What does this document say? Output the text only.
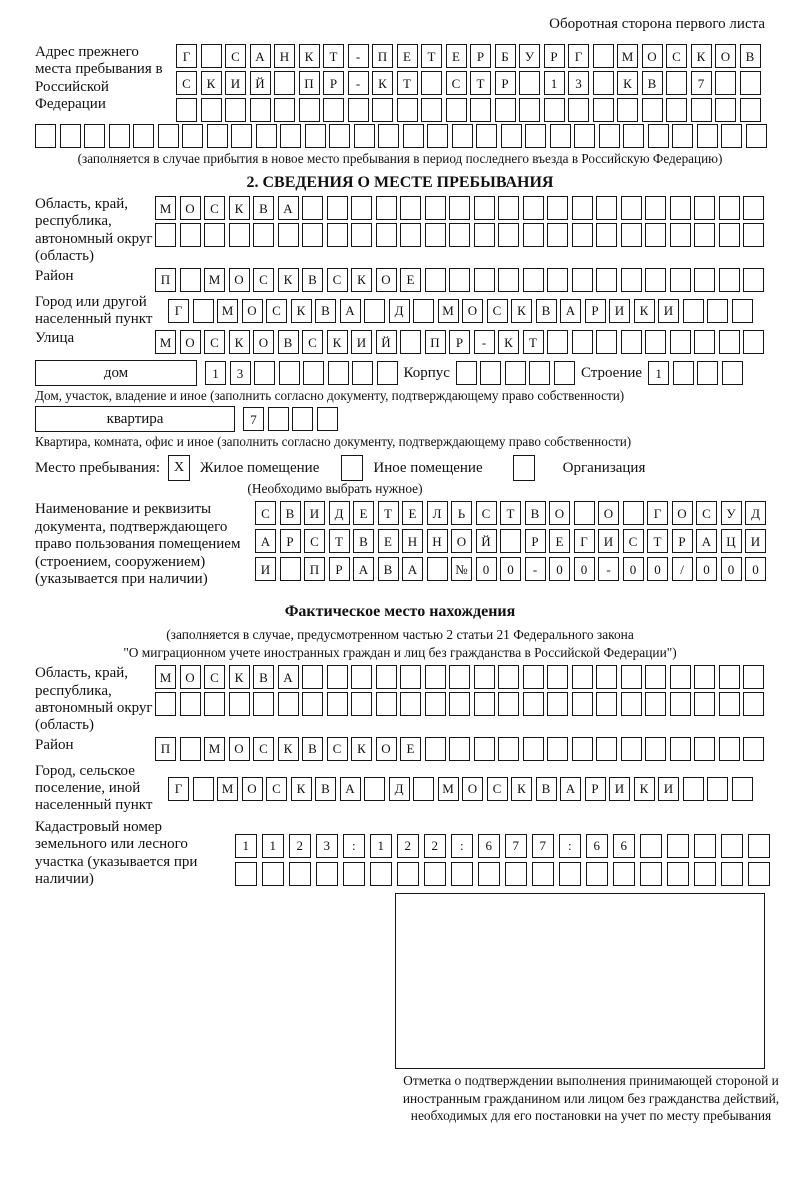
Оборотная сторона первого листа
Адрес прежнего места пребывания в Российской Федерации
Г	С	А	Н	К	Т	-	П	Е	Т	Е	Р	Б	У	Р	Г	М	О	С	К	О	В
С	К	И	Й	П	Р	-	К	Т	С	Т	Р	1	3	К	В	7
(заполняется в случае прибытия в новое место пребывания в период последнего въезда в Российскую Федерацию)
2. СВЕДЕНИЯ О МЕСТЕ ПРЕБЫВАНИЯ
Область, край, республика, автономный округ (область)
М	О	С	К	В	А
Район	П	М	О	С	К	В	С	К	О	Е
Город или другой населенный пункт	Г	М	О	С	К	В	А	Д	М	О	С	К	В	А	Р	И	К	И
Улица	М	О	С	К	О	В	С	К	И	Й	П	Р	-	К	Т
дом	1	3	Корпус	Строение	1
Дом, участок, владение и иное (заполнить согласно документу, подтверждающему право собственности)
квартира	7
Квартира, комната, офис и иное (заполнить согласно документу, подтверждающему право собственности)
Место пребывания: X	Жилое помещение	Иное помещение	Организация
(Необходимо выбрать нужное)
Наименование и реквизиты документа, подтверждающего право пользования помещением (строением, сооружением) (указывается при наличии)
С	В	И	Д	Е	Т	Е	Л	Ь	С	Т	В	О	О	Г	О	С	У	Д
А	Р	С	Т	В	Е	Н	Н	О	Й	Р	Е	Г	И	С	Т	Р	А	Ц	И
И	П	Р	А	В	А	№	0	0	-	0	0	-	0	0	/	0	0	0
Фактическое место нахождения
(заполняется в случае, предусмотренном частью 2 статьи 21 Федерального закона
"О миграционном учете иностранных граждан и лиц без гражданства в Российской Федерации")
Область, край, республика, автономный округ (область)
М	О	С	К	В	А
Район	П	М	О	С	К	В	С	К	О	Е
Город, сельское поселение, иной населенный пункт
Г	М	О	С	К	В	А	Д	М	О	С	К	В	А	Р	И	К	И
Кадастровый номер земельного или лесного участка (указывается при наличии)
1	1	2	3	:	1	2	2	:	6	7	7	:	6	6
Отметка о подтверждении выполнения принимающей стороной и иностранным гражданином или лицом без гражданства действий, необходимых для его постановки на учет по месту пребывания
